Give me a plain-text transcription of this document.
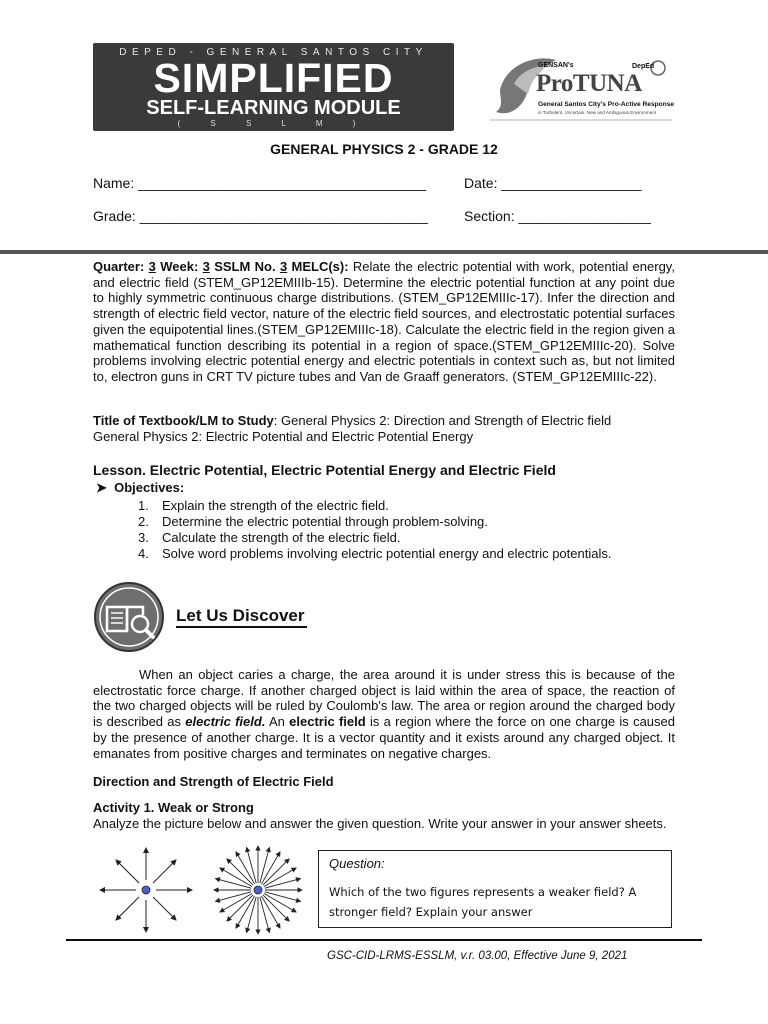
DEPED - GENERAL SANTOS CITY
SIMPLIFIED
SELF-LEARNING MODULE
( S S L M )
GENSAN's	DepEd
ProTUNA
General Santos City's Pro-Active Response
in Turbulent, Uncertain, New and Ambiguous Environment
GENERAL PHYSICS 2 - GRADE 12
Name: _____________________________________	Date: __________________
Grade: _____________________________________	Section: _________________
Quarter: 3 Week: 3 SSLM No. 3 MELC(s): Relate the electric potential with work, potential energy, and electric field (STEM_GP12EMIIIb-15). Determine the electric potential function at any point due to highly symmetric continuous charge distributions. (STEM_GP12EMIIIc-17). Infer the direction and strength of electric field vector, nature of the electric field sources, and electrostatic potential surfaces given the equipotential lines.(STEM_GP12EMIIIc-18). Calculate the electric field in the region given a mathematical function describing its potential in a region of space.(STEM_GP12EMIIIc-20). Solve problems involving electric potential energy and electric potentials in context such as, but not limited to, electron guns in CRT TV picture tubes and Van de Graaff generators. (STEM_GP12EMIIIc-22).
Title of Textbook/LM to Study: General Physics 2: Direction and Strength of Electric field
General Physics 2: Electric Potential and Electric Potential Energy
Lesson. Electric Potential, Electric Potential Energy and Electric Field
➤  Objectives:
1. Explain the strength of the electric field.
2. Determine the electric potential through problem-solving.
3. Calculate the strength of the electric field.
4. Solve word problems involving electric potential energy and electric potentials.
Let Us Discover
When an object caries a charge, the area around it is under stress this is because of the electrostatic force charge. If another charged object is laid within the area of space, the reaction of the two charged objects will be ruled by Coulomb's law. The area or region around the charged body is described as electric field. An electric field is a region where the force on one charge is caused by the presence of another charge. It is a vector quantity and it exists around any charged object. It emanates from positive charges and terminates on negative charges.
Direction and Strength of Electric Field
Activity 1. Weak or Strong
Analyze the picture below and answer the given question. Write your answer in your answer sheets.
Question:
Which of the two figures represents a weaker field? A stronger field? Explain your answer
GSC-CID-LRMS-ESSLM, v.r. 03.00, Effective June 9, 2021
